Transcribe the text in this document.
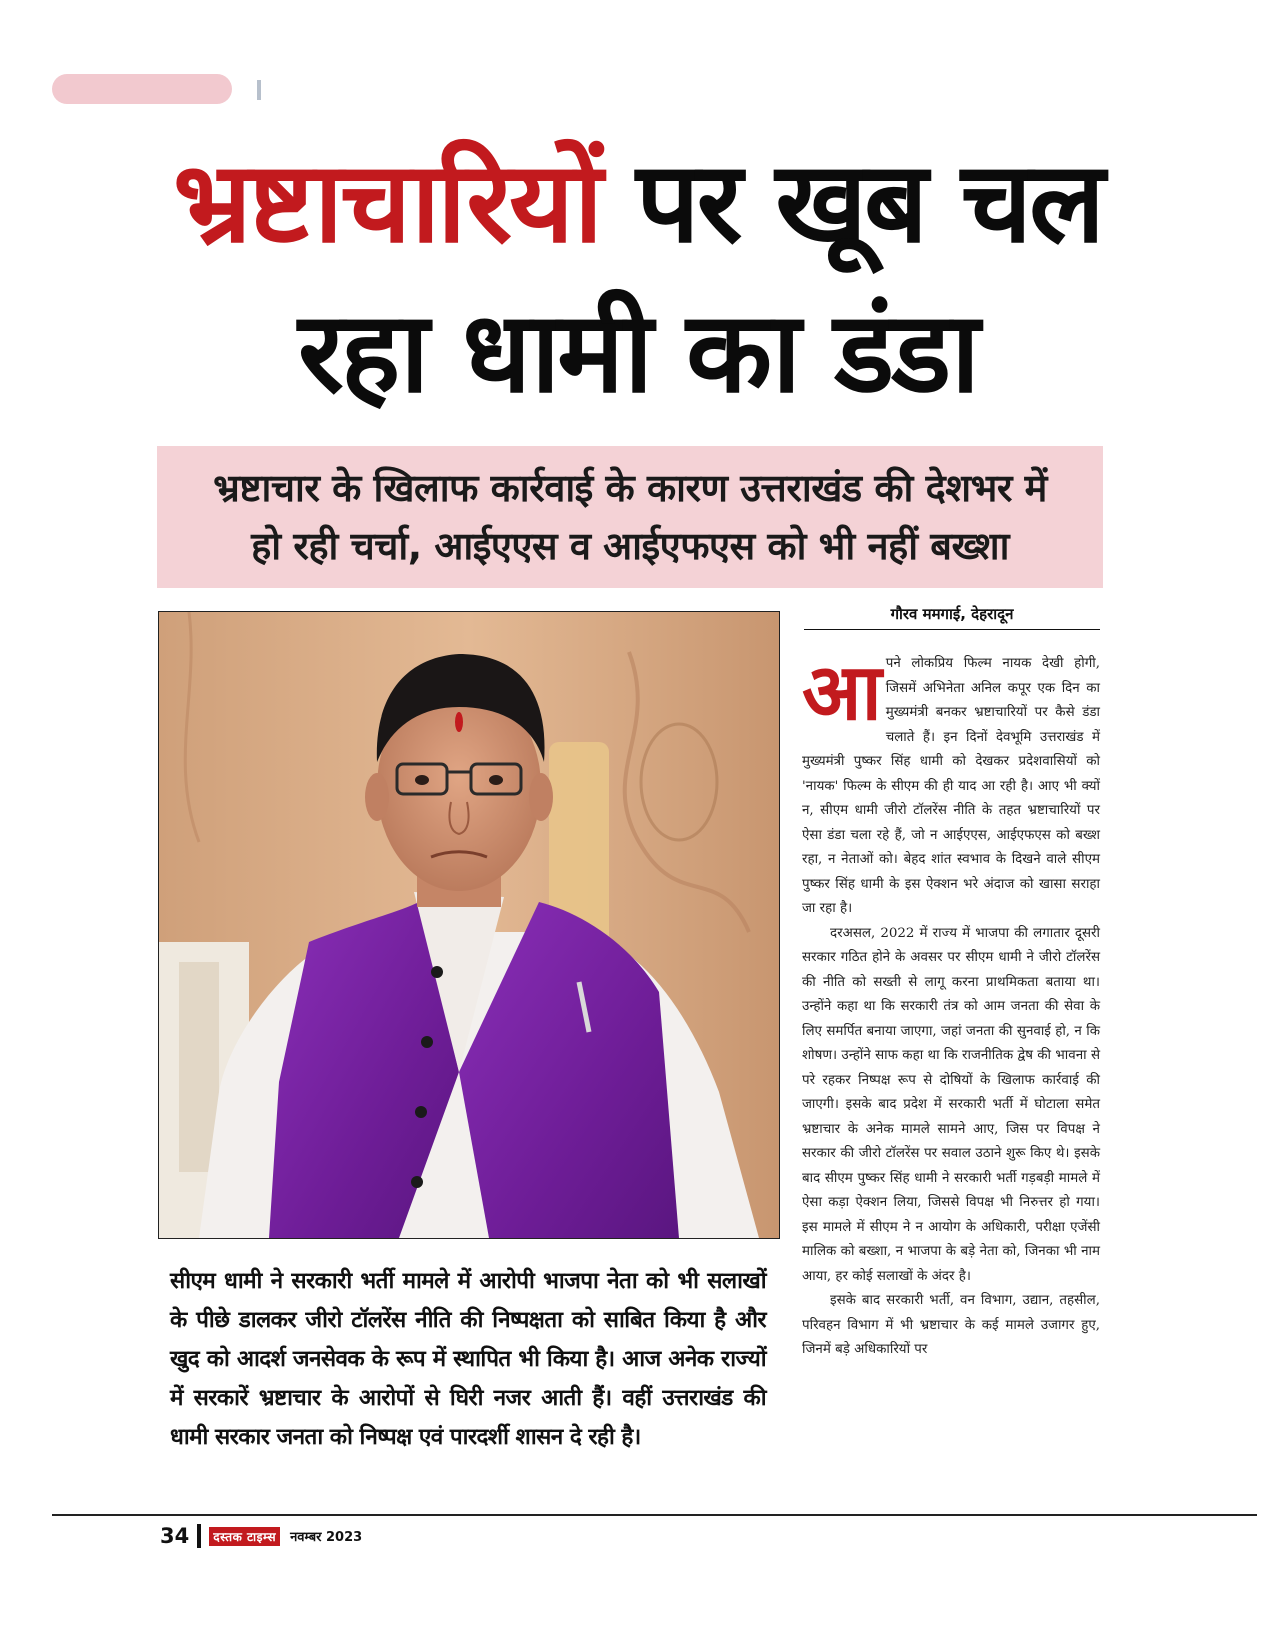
भ्रष्टाचारियों पर खूब चल
रहा धामी का डंडा
भ्रष्टाचार के खिलाफ कार्रवाई के कारण उत्तराखंड की देशभर में
हो रही चर्चा, आईएएस व आईएफएस को भी नहीं बख्शा
गौरव ममगाई, देहरादून

आपने लोकप्रिय फिल्म नायक देखी होगी, जिसमें अभिनेता अनिल कपूर एक दिन का मुख्यमंत्री बनकर भ्रष्टाचारियों पर कैसे डंडा चलाते हैं। इन दिनों देवभूमि उत्तराखंड में मुख्यमंत्री पुष्कर सिंह धामी को देखकर प्रदेशवासियों को 'नायक' फिल्म के सीएम की ही याद आ रही है। आए भी क्यों न, सीएम धामी जीरो टॉलरेंस नीति के तहत भ्रष्टाचारियों पर ऐसा डंडा चला रहे हैं, जो न आईएएस, आईएफएस को बख्श रहा, न नेताओं को। बेहद शांत स्वभाव के दिखने वाले सीएम पुष्कर सिंह धामी के इस ऐक्शन भरे अंदाज को खासा सराहा जा रहा है।

दरअसल, 2022 में राज्य में भाजपा की लगातार दूसरी सरकार गठित होने के अवसर पर सीएम धामी ने जीरो टॉलरेंस की नीति को सख्ती से लागू करना प्राथमिकता बताया था। उन्होंने कहा था कि सरकारी तंत्र को आम जनता की सेवा के लिए समर्पित बनाया जाएगा, जहां जनता की सुनवाई हो, न कि शोषण। उन्होंने साफ कहा था कि राजनीतिक द्वेष की भावना से परे रहकर निष्पक्ष रूप से दोषियों के खिलाफ कार्रवाई की जाएगी। इसके बाद प्रदेश में सरकारी भर्ती में घोटाला समेत भ्रष्टाचार के अनेक मामले सामने आए, जिस पर विपक्ष ने सरकार की जीरो टॉलरेंस पर सवाल उठाने शुरू किए थे। इसके बाद सीएम पुष्कर सिंह धामी ने सरकारी भर्ती गड़बड़ी मामले में ऐसा कड़ा ऐक्शन लिया, जिससे विपक्ष भी निरुत्तर हो गया। इस मामले में सीएम ने न आयोग के अधिकारी, परीक्षा एजेंसी मालिक को बख्शा, न भाजपा के बड़े नेता को, जिनका भी नाम आया, हर कोई सलाखों के अंदर है।

इसके बाद सरकारी भर्ती, वन विभाग, उद्यान, तहसील, परिवहन विभाग में भी भ्रष्टाचार के कई मामले उजागर हुए, जिनमें बड़े अधिकारियों पर

सीएम धामी ने सरकारी भर्ती मामले में आरोपी भाजपा नेता को भी सलाखों के पीछे डालकर जीरो टॉलरेंस नीति की निष्पक्षता को साबित किया है और खुद को आदर्श जनसेवक के रूप में स्थापित भी किया है। आज अनेक राज्यों में सरकारें भ्रष्टाचार के आरोपों से घिरी नजर आती हैं। वहीं उत्तराखंड की धामी सरकार जनता को निष्पक्ष एवं पारदर्शी शासन दे रही है।
34	दस्तक टाइम्स	नवम्बर 2023
